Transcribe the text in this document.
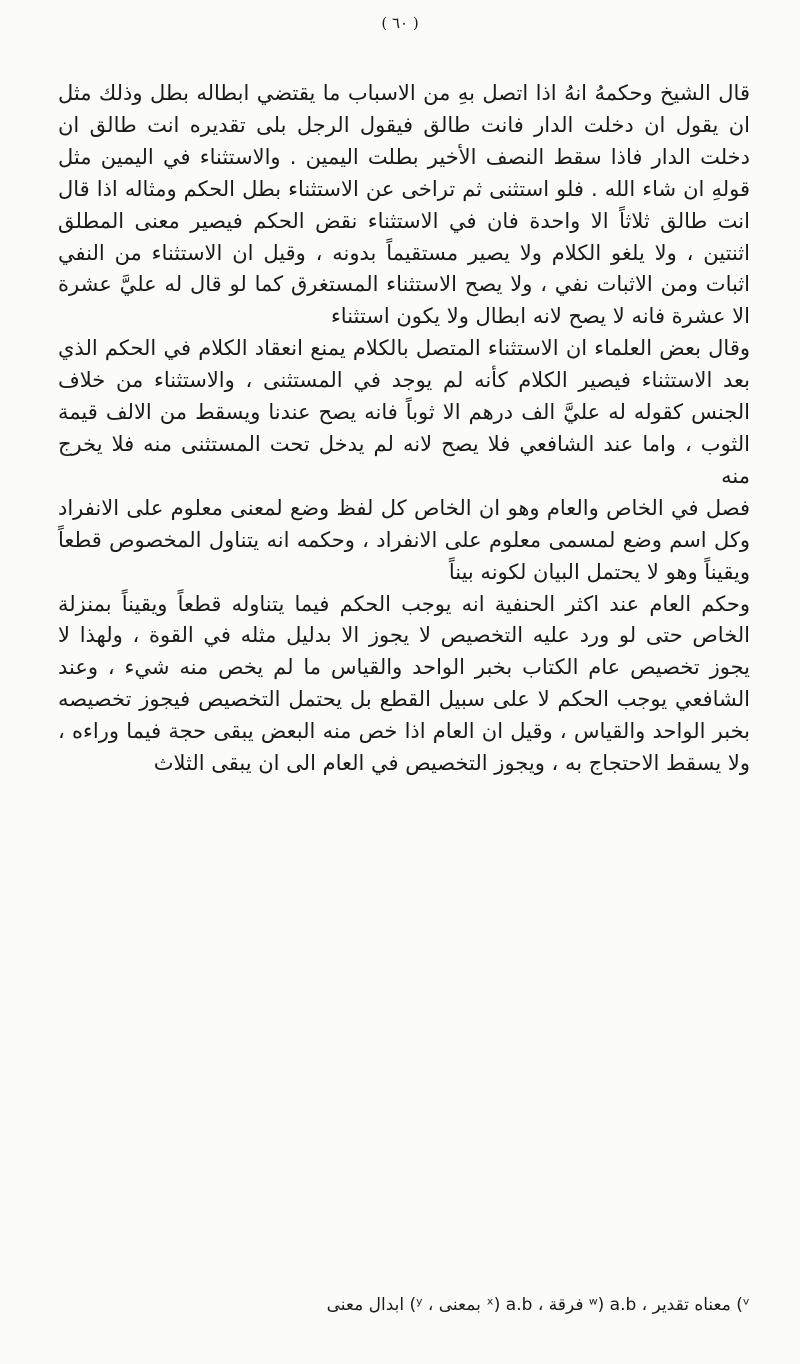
( ٦٠ )

قال الشيخ وحكمهُ انهُ اذا اتصل بهِ من الاسباب ما يقتضي ابطاله بطل وذلك مثل ان يقول ان دخلت الدار فانت طالق فيقول الرجل بلى تقديره انت طالق ان دخلت الدار فاذا سقط النصف الأخير بطلت اليمين . والاستثناء في اليمين مثل قولهِ ان شاء الله . فلو استثنى ثم تراخى عن الاستثناء بطل الحكم ومثاله اذا قال انت طالق ثلاثاً الا واحدة فان في الاستثناء نقض الحكم فيصير معنى المطلق اثنتين ، ولا يلغو الكلام ولا يصير مستقيماً بدونه ، وقيل ان الاستثناء من النفي اثبات ومن الاثبات نفي ، ولا يصح الاستثناء المستغرق كما لو قال له عليَّ عشرة الا عشرة فانه لا يصح لانه ابطال ولا يكون استثناء

وقال بعض العلماء ان الاستثناء المتصل بالكلام يمنع انعقاد الكلام في الحكم الذي بعد الاستثناء فيصير الكلام كأنه لم يوجد في المستثنى ، والاستثناء من خلاف الجنس كقوله له عليَّ الف درهم الا ثوباً فانه يصح عندنا ويسقط من الالف قيمة الثوب ، واما عند الشافعي فلا يصح لانه لم يدخل تحت المستثنى منه فلا يخرج منه

فصل في الخاص والعام وهو ان الخاص كل لفظ وضع لمعنى معلوم على الانفراد وكل اسم وضع لمسمى معلوم على الانفراد ، وحكمه انه يتناول المخصوص قطعاً ويقيناً وهو لا يحتمل البيان لكونه بيناً

وحكم العام عند اكثر الحنفية انه يوجب الحكم فيما يتناوله قطعاً ويقيناً بمنزلة الخاص حتى لو ورد عليه التخصيص لا يجوز الا بدليل مثله في القوة ، ولهذا لا يجوز تخصيص عام الكتاب بخبر الواحد والقياس ما لم يخص منه شيء ، وعند الشافعي يوجب الحكم لا على سبيل القطع بل يحتمل التخصيص فيجوز تخصيصه بخبر الواحد والقياس ، وقيل ان العام اذا خص منه البعض يبقى حجة فيما وراءه ، ولا يسقط الاحتجاج به ، ويجوز التخصيص في العام الى ان يبقى الثلاث

ᵛ) معناه تقدير ، ʷ) a.b فرقة ، ˣ) a.b بمعنى ، ʸ) ابدال معنى
